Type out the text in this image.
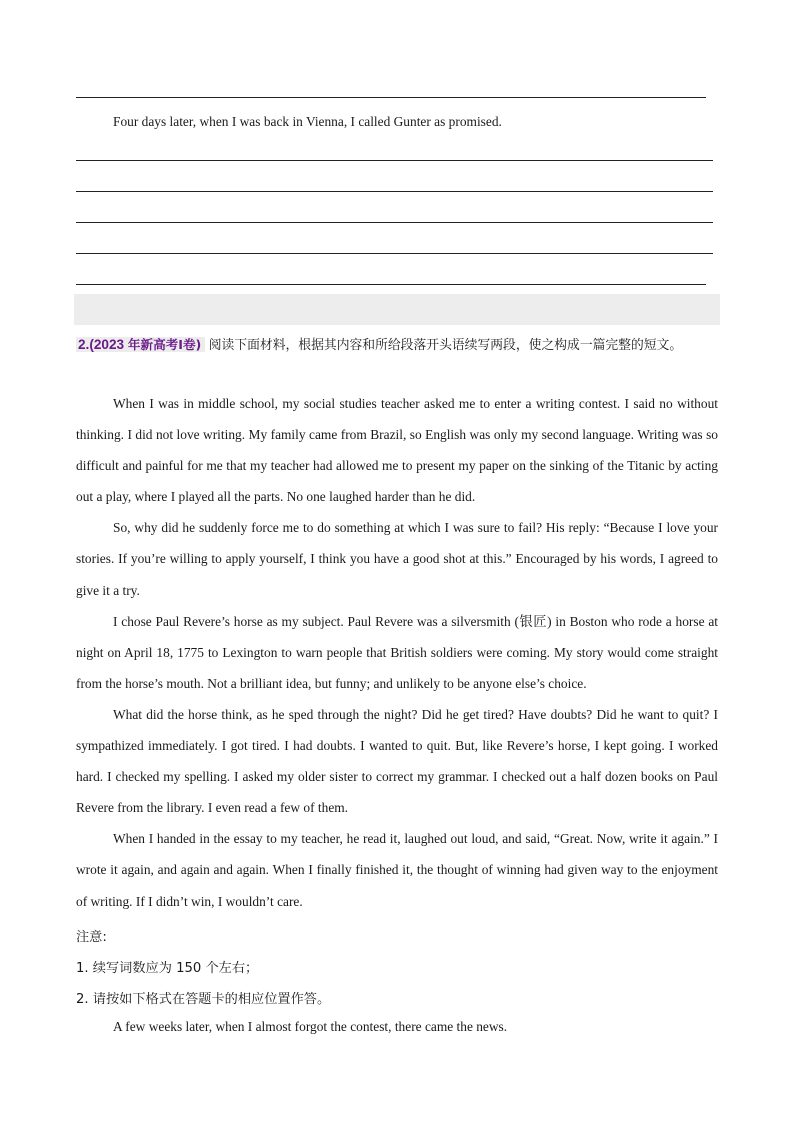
Four days later, when I was back in Vienna, I called Gunter as promised.
2.(2023 年新高考I卷) 阅读下面材料，根据其内容和所给段落开头语续写两段，使之构成一篇完整的短文。

When I was in middle school, my social studies teacher asked me to enter a writing contest. I said no without thinking. I did not love writing. My family came from Brazil, so English was only my second language. Writing was so difficult and painful for me that my teacher had allowed me to present my paper on the sinking of the Titanic by acting out a play, where I played all the parts. No one laughed harder than he did.

So, why did he suddenly force me to do something at which I was sure to fail? His reply: “Because I love your stories. If you’re willing to apply yourself, I think you have a good shot at this.” Encouraged by his words, I agreed to give it a try.

I chose Paul Revere’s horse as my subject. Paul Revere was a silversmith (银匠) in Boston who rode a horse at night on April 18, 1775 to Lexington to warn people that British soldiers were coming. My story would come straight from the horse’s mouth. Not a brilliant idea, but funny; and unlikely to be anyone else’s choice.

What did the horse think, as he sped through the night? Did he get tired? Have doubts? Did he want to quit? I sympathized immediately. I got tired. I had doubts. I wanted to quit. But, like Revere’s horse, I kept going. I worked hard. I checked my spelling. I asked my older sister to correct my grammar. I checked out a half dozen books on Paul Revere from the library. I even read a few of them.

When I handed in the essay to my teacher, he read it, laughed out loud, and said, “Great. Now, write it again.” I wrote it again, and again and again. When I finally finished it, the thought of winning had given way to the enjoyment of writing. If I didn’t win, I wouldn’t care.

注意:
1. 续写词数应为 150 个左右；
2. 请按如下格式在答题卡的相应位置作答。
A few weeks later, when I almost forgot the contest, there came the news.
